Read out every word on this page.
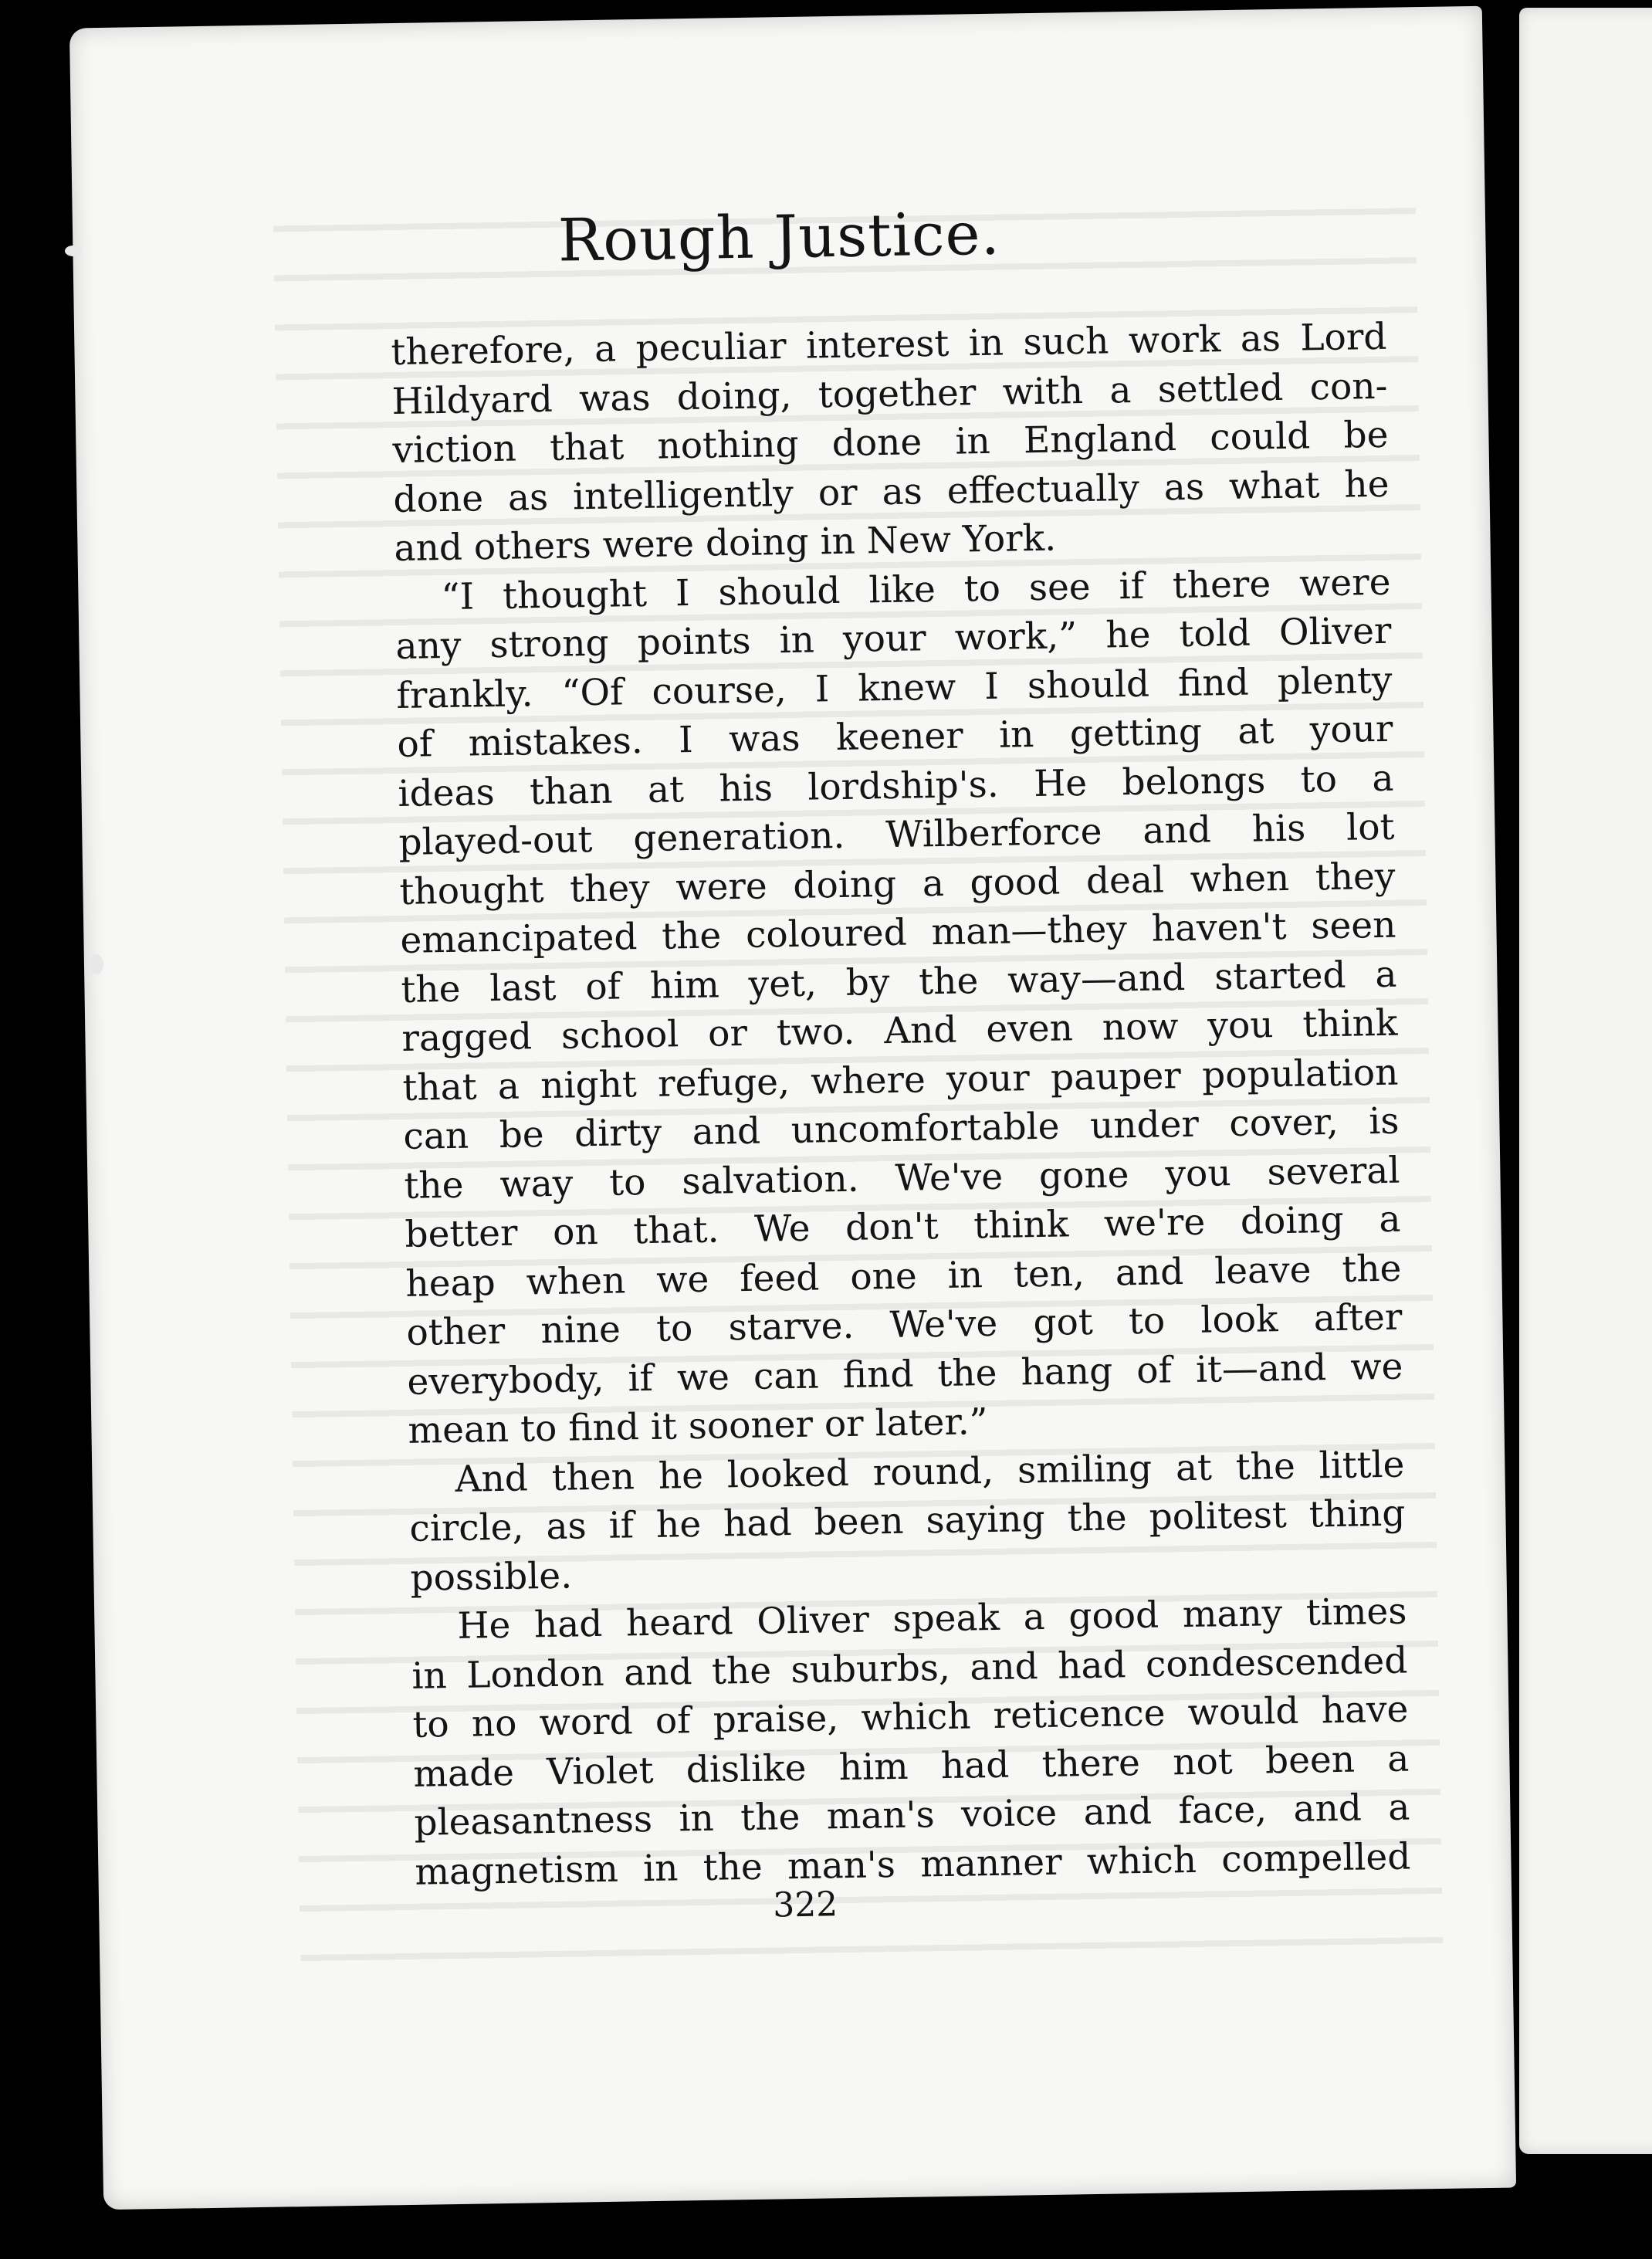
Rough Justice.
therefore, a peculiar interest in such work as Lord
Hildyard was doing, together with a settled con-
viction that nothing done in England could be
done as intelligently or as effectually as what he
and others were doing in New York.
“I thought I should like to see if there were
any strong points in your work,” he told Oliver
frankly. “Of course, I knew I should find plenty
of mistakes. I was keener in getting at your
ideas than at his lordship's. He belongs to a
played-out generation. Wilberforce and his lot
thought they were doing a good deal when they
emancipated the coloured man—they haven't seen
the last of him yet, by the way—and started a
ragged school or two. And even now you think
that a night refuge, where your pauper population
can be dirty and uncomfortable under cover, is
the way to salvation. We've gone you several
better on that. We don't think we're doing a
heap when we feed one in ten, and leave the
other nine to starve. We've got to look after
everybody, if we can find the hang of it—and we
mean to find it sooner or later.”
And then he looked round, smiling at the little
circle, as if he had been saying the politest thing
possible.
He had heard Oliver speak a good many times
in London and the suburbs, and had condescended
to no word of praise, which reticence would have
made Violet dislike him had there not been a
pleasantness in the man's voice and face, and a
magnetism in the man's manner which compelled
322
